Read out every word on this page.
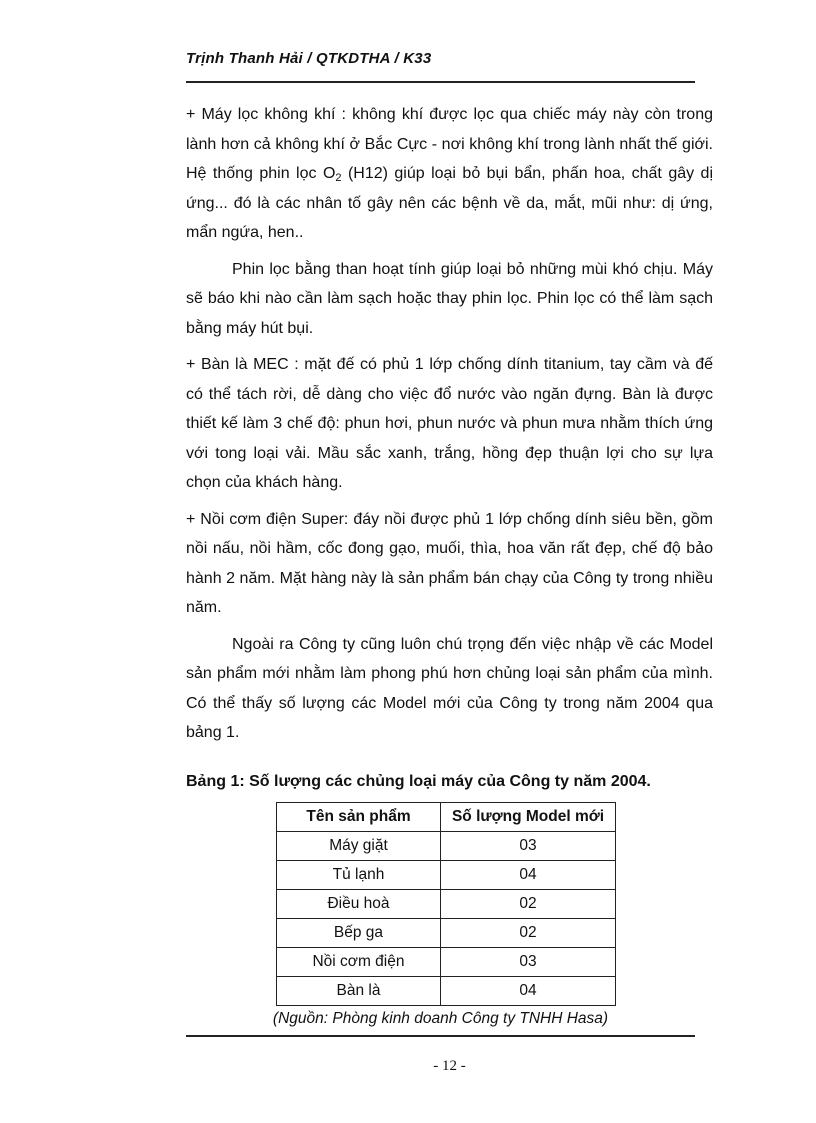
Trịnh Thanh Hải / QTKDTHA / K33

+ Máy lọc không khí : không khí được lọc qua chiếc máy này còn trong lành hơn cả không khí ở Bắc Cực - nơi không khí trong lành nhất thế giới. Hệ thống phin lọc $O_2$ (H12) giúp loại bỏ bụi bẩn, phấn hoa, chất gây dị ứng... đó là các nhân tố gây nên các bệnh về da, mắt, mũi như: dị ứng, mẩn ngứa, hen..

Phin lọc bằng than hoạt tính giúp loại bỏ những mùi khó chịu. Máy sẽ báo khi nào cần làm sạch hoặc thay phin lọc. Phin lọc có thể làm sạch bằng máy hút bụi.

+ Bàn là MEC : mặt đế có phủ 1 lớp chống dính titanium, tay cầm và đế có thể tách rời, dễ dàng cho việc đổ nước vào ngăn đựng. Bàn là được thiết kế làm 3 chế độ: phun hơi, phun nước và phun mưa nhằm thích ứng với tong loại vải. Mầu sắc xanh, trắng, hồng đẹp thuận lợi cho sự lựa chọn của khách hàng.

+ Nồi cơm điện Super: đáy nồi được phủ 1 lớp chống dính siêu bền, gồm nồi nấu, nồi hầm, cốc đong gạo, muối, thìa, hoa văn rất đẹp, chế độ bảo hành 2 năm. Mặt hàng này là sản phẩm bán chạy của Công ty trong nhiều năm.

Ngoài ra Công ty cũng luôn chú trọng đến việc nhập về các Model sản phẩm mới nhằm làm phong phú hơn chủng loại sản phẩm của mình. Có thể thấy số lượng các Model mới của Công ty trong năm 2004 qua bảng 1.

Bảng 1: Số lượng các chủng loại máy của Công ty năm 2004.
Tên sản phẩm	Số lượng Model mới
Máy giặt	03
Tủ lạnh	04
Điều hoà	02
Bếp ga	02
Nồi cơm điện	03
Bàn là	04
(Nguồn: Phòng kinh doanh Công ty TNHH Hasa)
- 12 -
